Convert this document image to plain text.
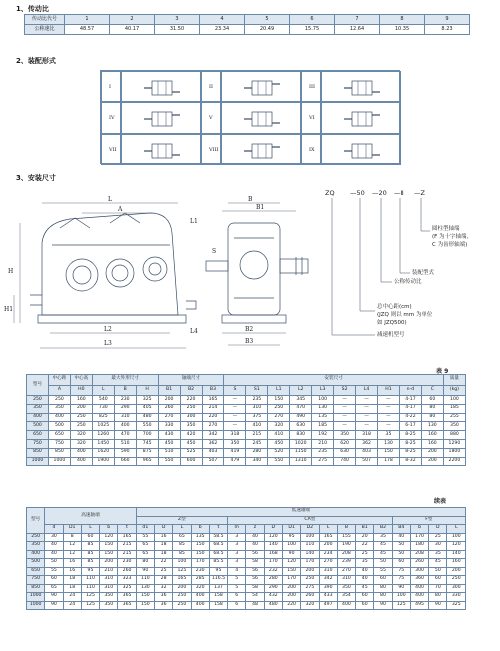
1、传动比
传动比代号	1	2	3	4	5	6	7	8	9
公称速比	48.57	40.17	31.50	23.34	20.49	15.75	12.64	10.35	8.23
2、装配形式
I	II	III
IV	V	VI
VII	VIII	IX
3、安装尺寸
L
A
L1
H
H1
L2
L3
L4
B
B1
B2
B3
S
ZQ —50 —20 —Ⅱ —Z
圆柱型轴端
(F 为十字轴端,
C 为齿形轴端)
装配型式
公称传动比
总中心距(cm)
(JZQ 则以 mm 为单位
如 JZQ500)
减速机型号
表 9
型号	中心距	中心高	最大外形尺寸			轴端尺寸			安装尺寸										质量
	A	H0	L	B	H	B1	B2	B3	S	S1	L1	L2	L3	S2	L4	H1	n-d	C	(kg)
250	250	160	540	230	325	200	220	165	—	235	150	345	100	—	—	—	4-17	60	100
350	350	200	730	290	405	260	250	214	—	310	250	470	130	—	—	—	4-17	80	185
400	400	250	825	310	480	270	300	220	—	375	270	490	135	—	—	—	4-22	80	255
500	500	250	1025	400	550	330	350	270	—	410	320	630	185	—	—	—	6-17	130	350
650	650	320	1260	470	700	430	420	342	318	215	410	830	192	350	318	35	8-25	160	880
750	750	320	1450	510	745	450	450	362	350	245	450	1020	210	620	362	130	8-25	160	1290
850	850	400	1620	590	875	510	525	403	419	280	520	1150	235	630	403	150	8-25	200	1800
1000	1000	400	1900	660	965	550	600	507	479	340	550	1310	275	740	507	178	8-32	200	2200
续表
型号	高速轴端					低速轴端																	
						Z型					CA型									F型			
	d	D1	L	b	t	d1	D	L	b	t	m	z	D	D1	D2	L	B	B1	B2	B4	b	D	L
250	30	8	60	120	165	55	16	65	135	58.5	3	40	120	95	100	165	155	20	35	40	170	25	100
350	40	12	85	150	215	65	18	85	150	68.5	3	40	140	100	110	200	190	22	45	50	180	30	120
400	40	12	85	150	215	65	18	85	150	68.5	3	56	168	90	140	234	208	25	45	50	208	35	140
500	50	16	85	200	230	80	22	100	170	85.5	3	58	170	120	170	270	239	35	50	60	260	45	160
650	55	16	95	210	260	90	25	125	230	95	4	56	232	150	200	310	270	40	55	75	300	50	200
750	60	18	110	310	323	110	28	165	285	116.5	5	56	280	170	250	342	310	40	60	75	360	60	250
850	65	18	110	310	325	130	32	200	320	137	5	58	290	200	275	390	350	45	80	90	400	70	300
1000	90	24	125	350	365	150	36	250	400	158	6	54	432	200	260	433	354	60	80	100	400	80	330
1000	90	24	125	350	365	150	36	250	400	158	6	48	480	220	320	497	400	60	90	125	495	90	325
